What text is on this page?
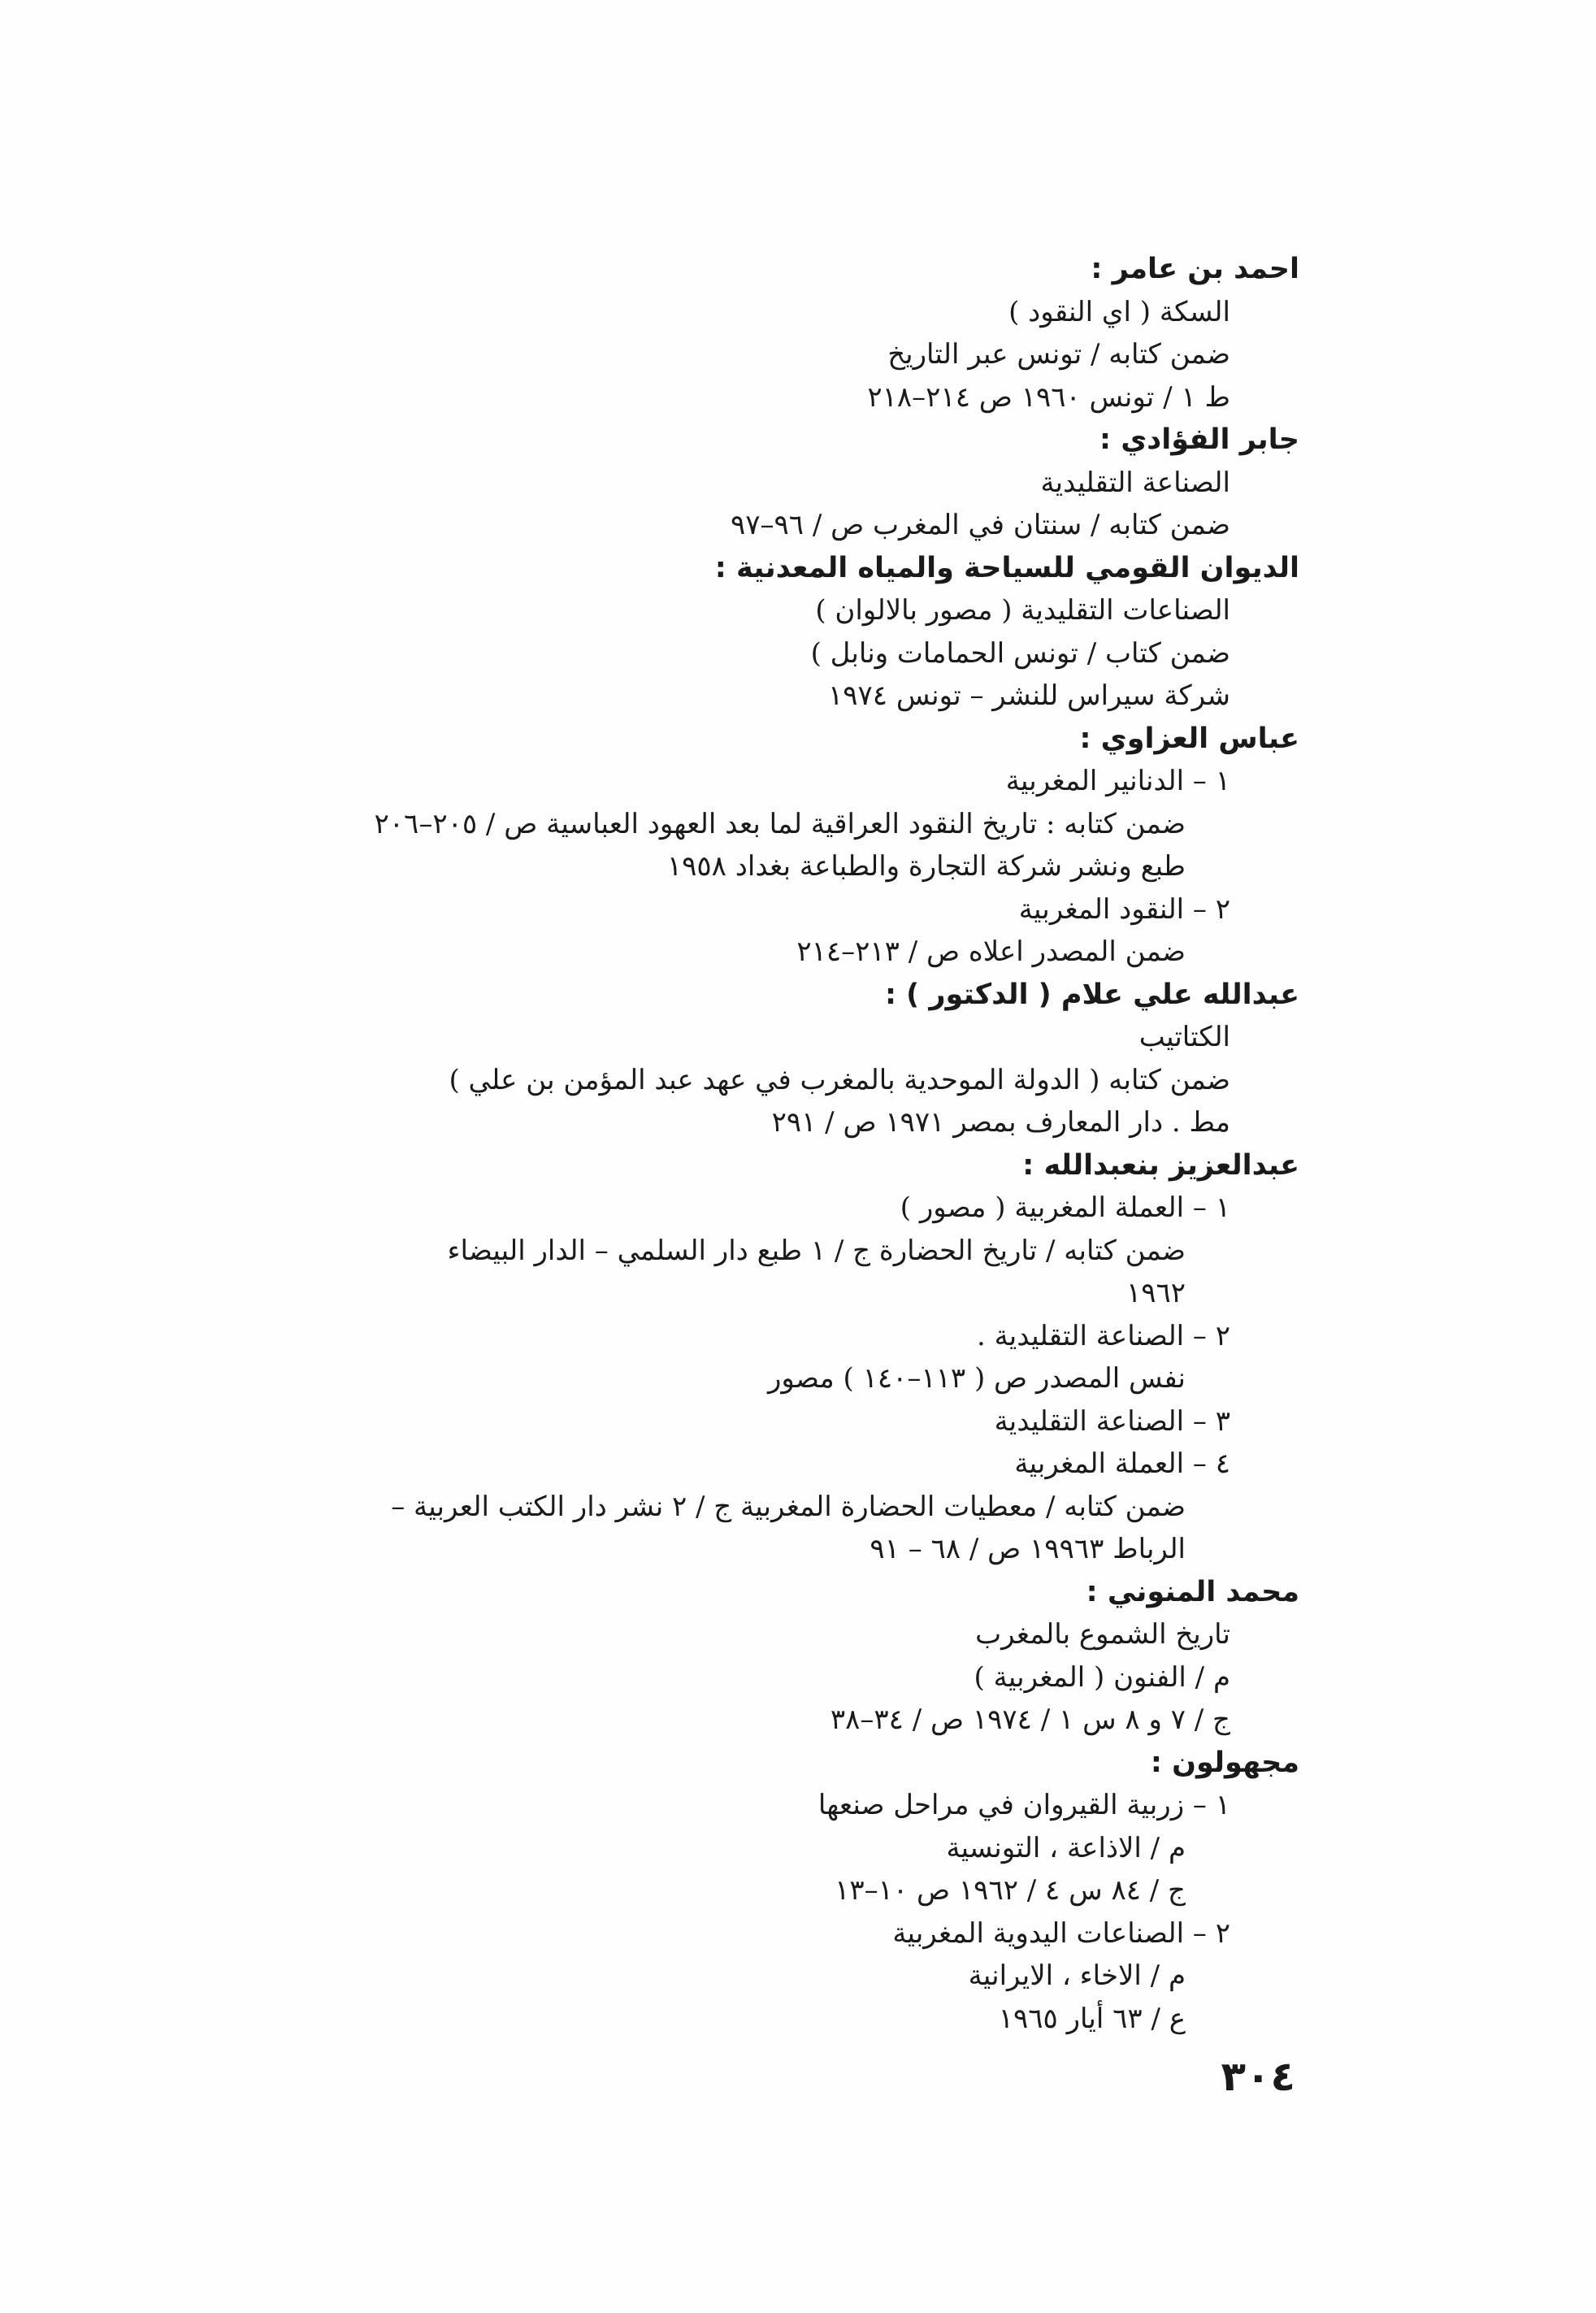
احمد بن عامر :
السكة ( اي النقود )
ضمن كتابه / تونس عبر التاريخ
ط ١ / تونس ١٩٦٠ ص ٢١٤–٢١٨
جابر الفؤادي :
الصناعة التقليدية
ضمن كتابه / سنتان في المغرب ص / ٩٦–٩٧
الديوان القومي للسياحة والمياه المعدنية :
الصناعات التقليدية ( مصور بالالوان )
ضمن كتاب / تونس الحمامات ونابل )
شركة سيراس للنشر – تونس ١٩٧٤
عباس العزاوي :
١ – الدنانير المغربية
ضمن كتابه : تاريخ النقود العراقية لما بعد العهود العباسية ص / ٢٠٥–٢٠٦
طبع ونشر شركة التجارة والطباعة بغداد ١٩٥٨
٢ – النقود المغربية
ضمن المصدر اعلاه ص / ٢١٣–٢١٤
عبدالله علي علام ( الدكتور ) :
الكتاتيب
ضمن كتابه ( الدولة الموحدية بالمغرب في عهد عبد المؤمن بن علي )
مط . دار المعارف بمصر ١٩٧١ ص / ٢٩١
عبدالعزيز بنعبدالله :
١ – العملة المغربية ( مصور )
ضمن كتابه / تاريخ الحضارة ج / ١ طبع دار السلمي – الدار البيضاء
١٩٦٢
٢ – الصناعة التقليدية .
نفس المصدر ص ( ١١٣–١٤٠ ) مصور
٣ – الصناعة التقليدية
٤ – العملة المغربية
ضمن كتابه / معطيات الحضارة المغربية ج / ٢ نشر دار الكتب العربية –
الرباط ١٩٩٦٣ ص / ٦٨ – ٩١
محمد المنوني :
تاريخ الشموع بالمغرب
م / الفنون ( المغربية )
ج / ٧ و ٨ س ١ / ١٩٧٤ ص / ٣٤–٣٨
مجهولون :
١ – زربية القيروان في مراحل صنعها
م / الاذاعة ، التونسية
ج / ٨٤ س ٤ / ١٩٦٢ ص ١٠–١٣
٢ – الصناعات اليدوية المغربية
م / الاخاء ، الايرانية
ع / ٦٣ أيار ١٩٦٥
٣٠٤
